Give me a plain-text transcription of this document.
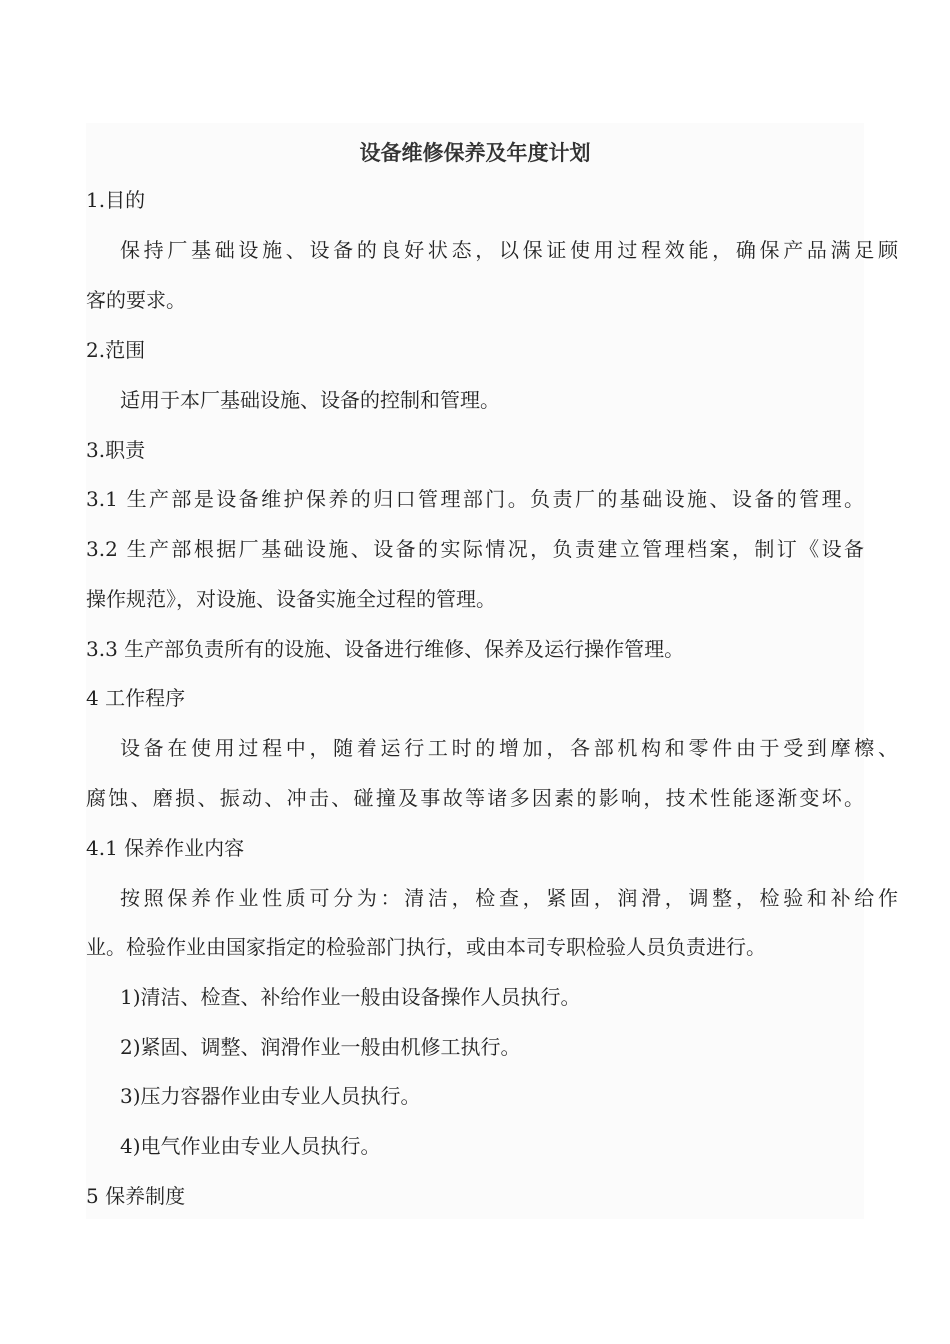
设备维修保养及年度计划

1.目的

保持厂基础设施、设备的良好状态，以保证使用过程效能，确保产品满足顾

客的要求。

2.范围

适用于本厂基础设施、设备的控制和管理。

3.职责

3.1 生产部是设备维护保养的归口管理部门。负责厂的基础设施、设备的管理。

3.2 生产部根据厂基础设施、设备的实际情况，负责建立管理档案，制订《设备

操作规范》，对设施、设备实施全过程的管理。

3.3 生产部负责所有的设施、设备进行维修、保养及运行操作管理。

4 工作程序

设备在使用过程中，随着运行工时的增加，各部机构和零件由于受到摩檫、

腐蚀、磨损、振动、冲击、碰撞及事故等诸多因素的影响，技术性能逐渐变坏。

4.1 保养作业内容

按照保养作业性质可分为：清洁，检查，紧固，润滑，调整，检验和补给作

业。检验作业由国家指定的检验部门执行，或由本司专职检验人员负责进行。

1)清洁、检查、补给作业一般由设备操作人员执行。

2)紧固、调整、润滑作业一般由机修工执行。

3)压力容器作业由专业人员执行。

4)电气作业由专业人员执行。

5 保养制度
